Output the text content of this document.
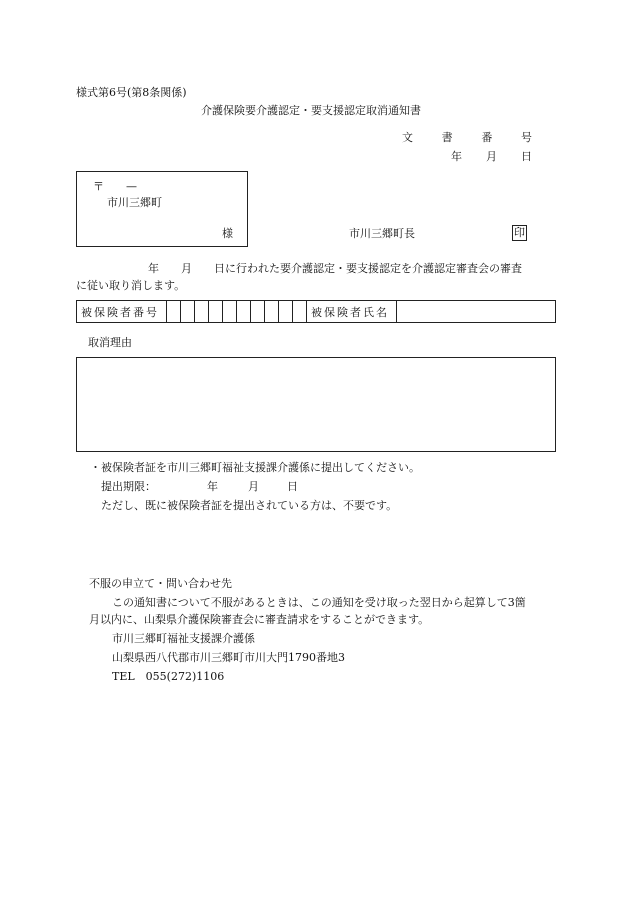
様式第6号(第8条関係)
介護保険要介護認定・要支援認定取消通知書
文	書	番	号
年 月 日
〒　　—
市川三郷町
様	市川三郷町長	印
年　　月　　日に行われた要介護認定・要支援認定を介護認定審査会の審査
に従い取り消します。
被保険者番号											被保険者氏名	
取消理由
・被保険者証を市川三郷町福祉支援課介護係に提出してください。
提出期限：	年	月	日
ただし、既に被保険者証を提出されている方は、不要です。
不服の申立て・問い合わせ先
この通知書について不服があるときは、この通知を受け取った翌日から起算して3箇
月以内に、山梨県介護保険審査会に審査請求をすることができます。
市川三郷町福祉支援課介護係
山梨県西八代郡市川三郷町市川大門1790番地3
TEL　055(272)1106
